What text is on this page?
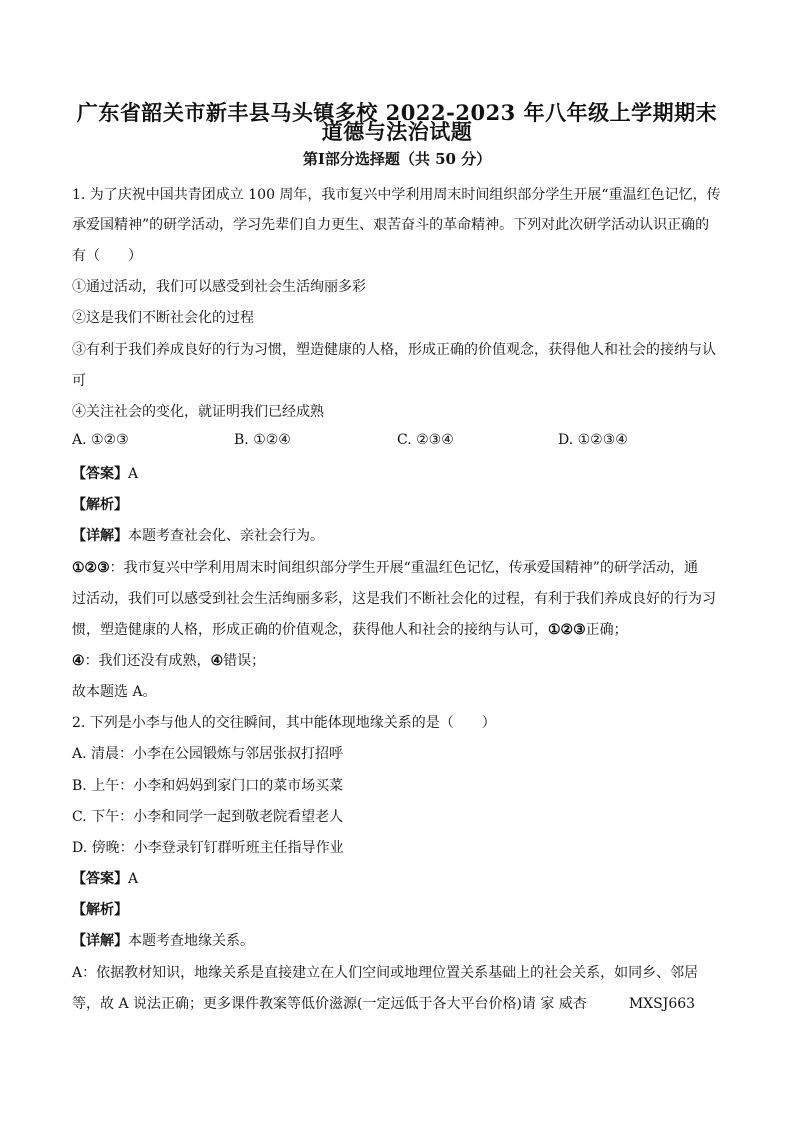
广东省韶关市新丰县马头镇多校 2022-2023 年八年级上学期期末
道德与法治试题
第Ⅰ部分选择题（共 50 分）
1. 为了庆祝中国共青团成立 100 周年，我市复兴中学利用周末时间组织部分学生开展“重温红色记忆，传
承爱国精神”的研学活动，学习先辈们自力更生、艰苦奋斗的革命精神。下列对此次研学活动认识正确的
有（　　）
①通过活动，我们可以感受到社会生活绚丽多彩
②这是我们不断社会化的过程
③有利于我们养成良好的行为习惯，塑造健康的人格，形成正确的价值观念，获得他人和社会的接纳与认
可
④关注社会的变化，就证明我们已经成熟
A. ①②③	B. ①②④	C. ②③④	D. ①②③④
【答案】A
【解析】
【详解】本题考查社会化、亲社会行为。
①②③：我市复兴中学利用周末时间组织部分学生开展“重温红色记忆，传承爱国精神”的研学活动，通
过活动，我们可以感受到社会生活绚丽多彩，这是我们不断社会化的过程，有利于我们养成良好的行为习
惯，塑造健康的人格，形成正确的价值观念，获得他人和社会的接纳与认可，①②③正确；
④：我们还没有成熟，④错误；
故本题选 A。
2. 下列是小李与他人的交往瞬间，其中能体现地缘关系的是（　　）
A. 清晨：小李在公园锻炼与邻居张叔打招呼
B. 上午：小李和妈妈到家门口的菜市场买菜
C. 下午：小李和同学一起到敬老院看望老人
D. 傍晚：小李登录钉钉群听班主任指导作业
【答案】A
【解析】
【详解】本题考查地缘关系。
A：依据教材知识，地缘关系是直接建立在人们空间或地理位置关系基础上的社会关系，如同乡、邻居
等，故 A 说法正确；更多课件教案等低价滋源(一定远低于各大平台价格)请 家 威杏	MXSJ663
